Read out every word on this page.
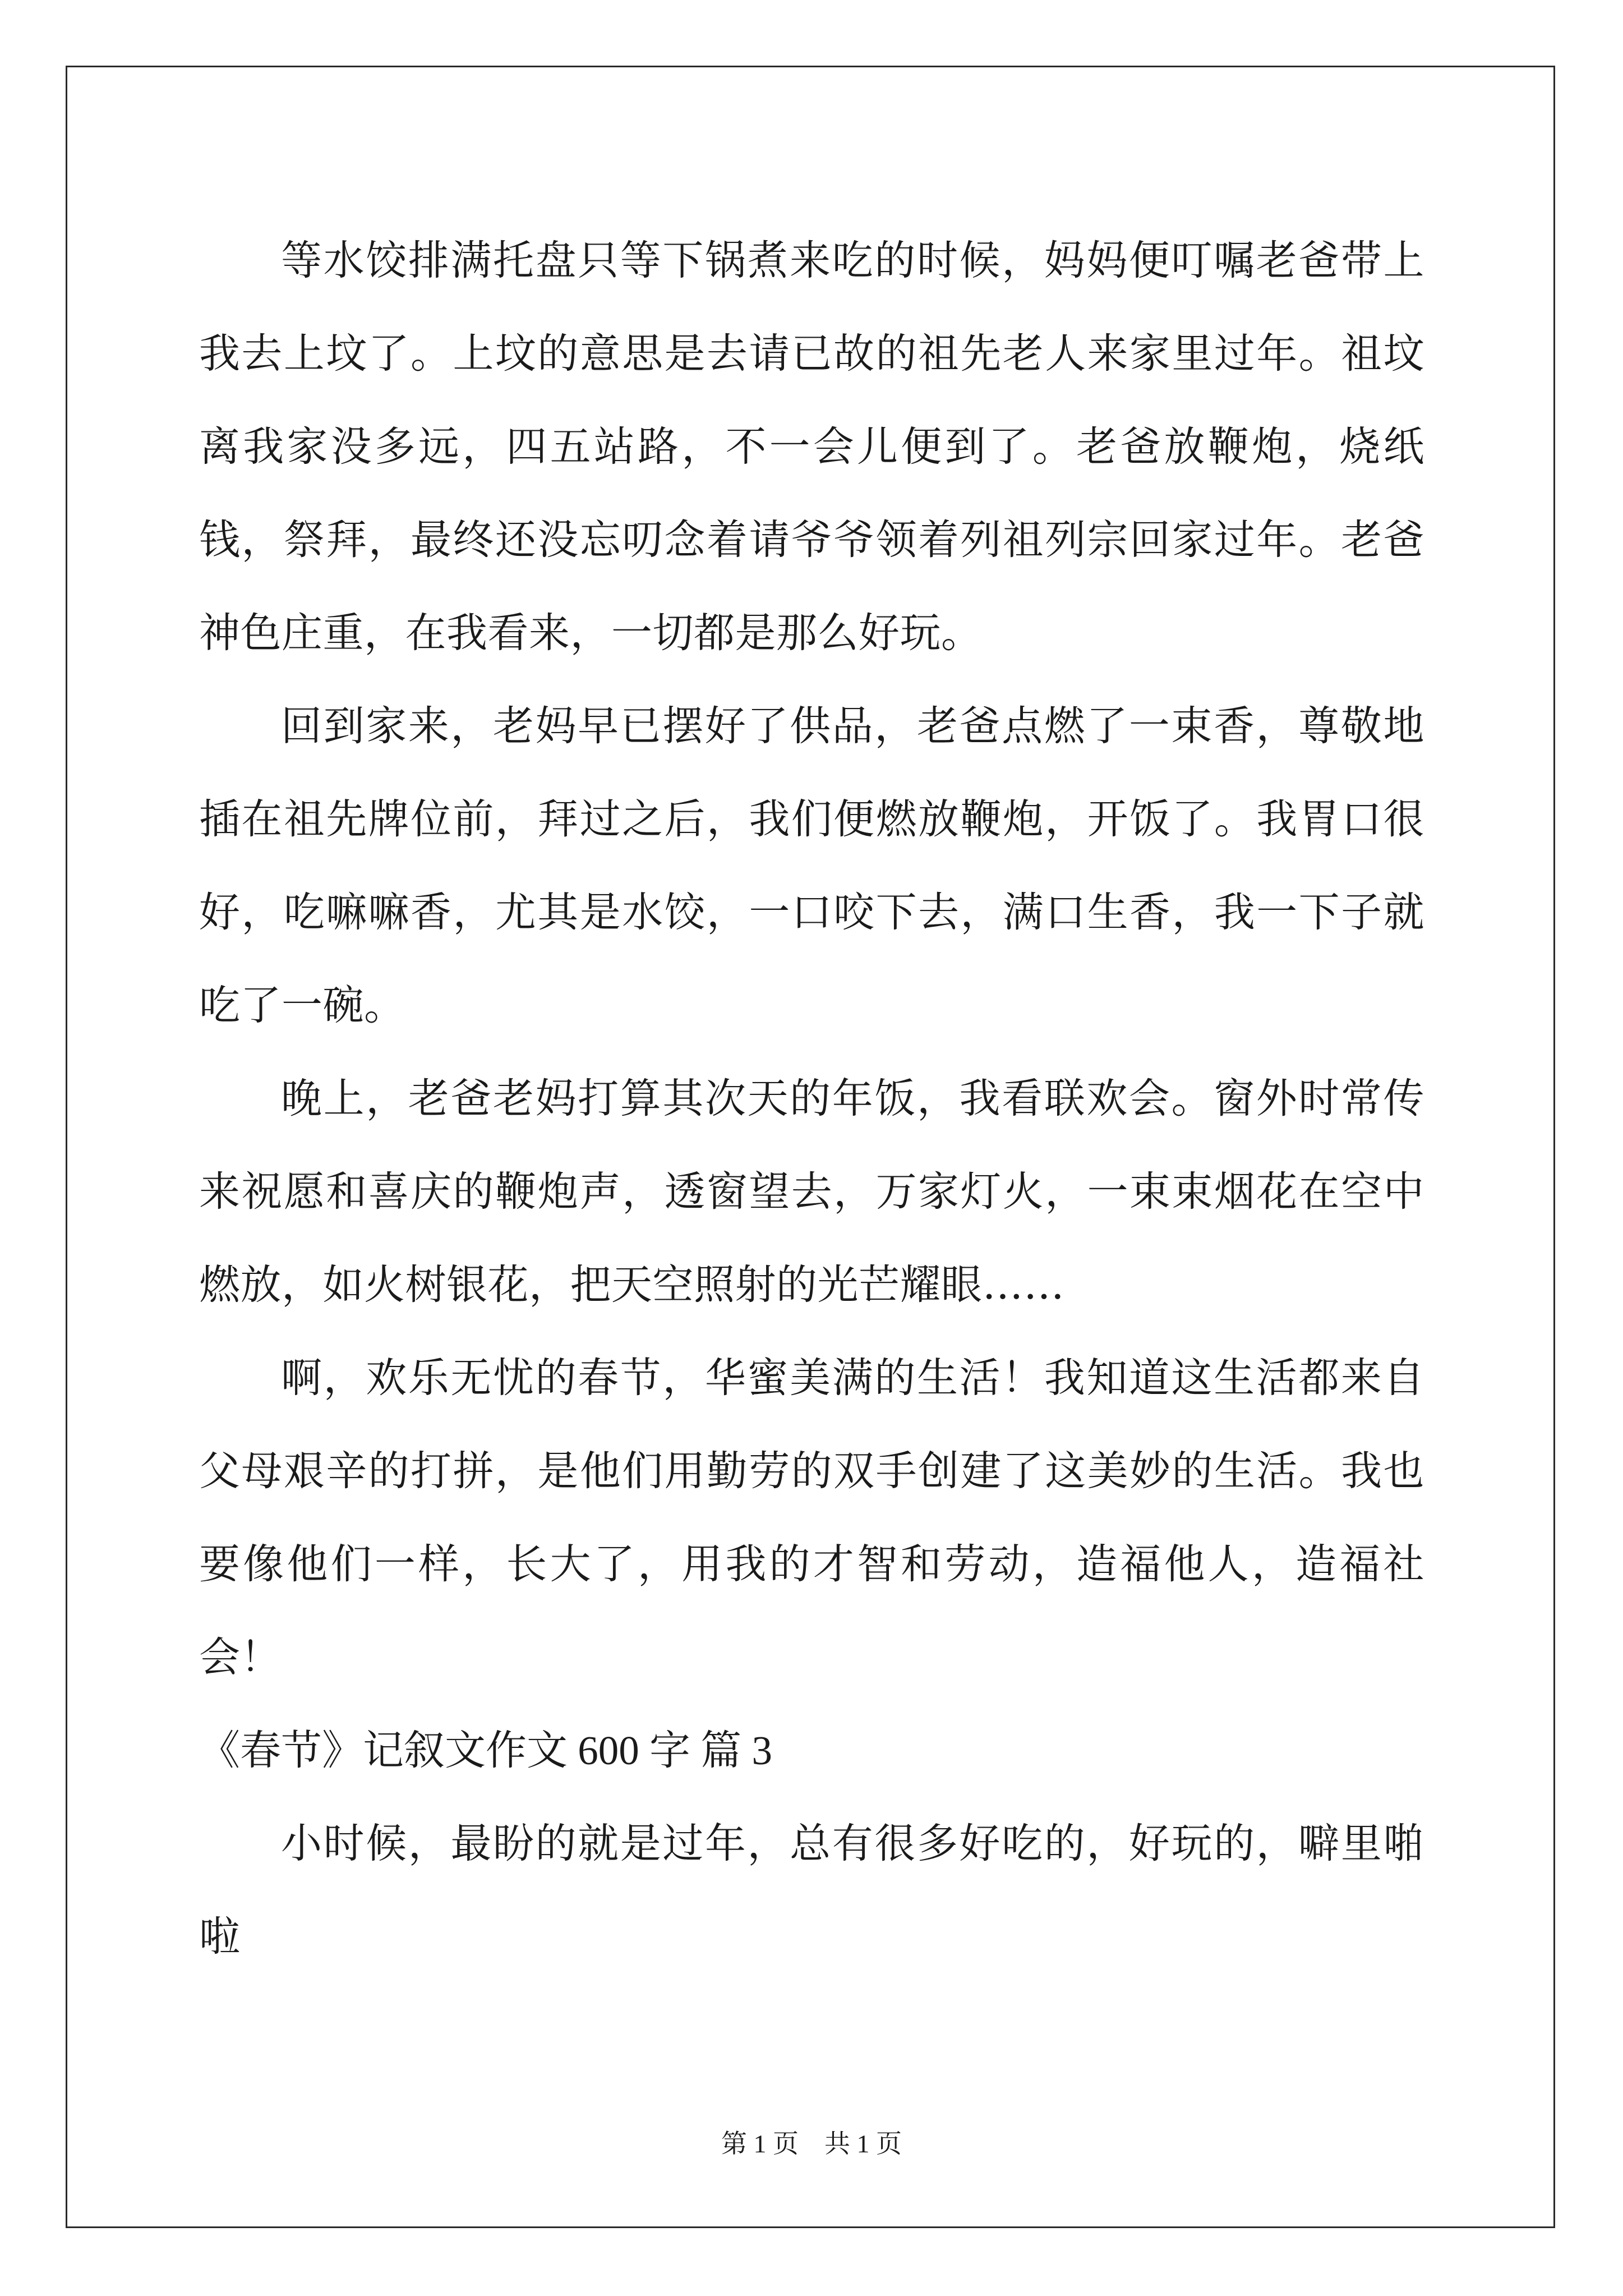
等水饺排满托盘只等下锅煮来吃的时候，妈妈便叮嘱老爸带上我去上坟了。上坟的意思是去请已故的祖先老人来家里过年。祖坟离我家没多远，四五站路，不一会儿便到了。老爸放鞭炮，烧纸钱，祭拜，最终还没忘叨念着请爷爷领着列祖列宗回家过年。老爸神色庄重，在我看来，一切都是那么好玩。

回到家来，老妈早已摆好了供品，老爸点燃了一束香，尊敬地插在祖先牌位前，拜过之后，我们便燃放鞭炮，开饭了。我胃口很好，吃嘛嘛香，尤其是水饺，一口咬下去，满口生香，我一下子就吃了一碗。

晚上，老爸老妈打算其次天的年饭，我看联欢会。窗外时常传来祝愿和喜庆的鞭炮声，透窗望去，万家灯火，一束束烟花在空中燃放，如火树银花，把天空照射的光芒耀眼……

啊，欢乐无忧的春节，华蜜美满的生活！我知道这生活都来自父母艰辛的打拼，是他们用勤劳的双手创建了这美妙的生活。我也要像他们一样，长大了，用我的才智和劳动，造福他人，造福社会！

《春节》记叙文作文 600 字 篇 3

小时候，最盼的就是过年，总有很多好吃的，好玩的，噼里啪啦

第 1 页    共 1 页
